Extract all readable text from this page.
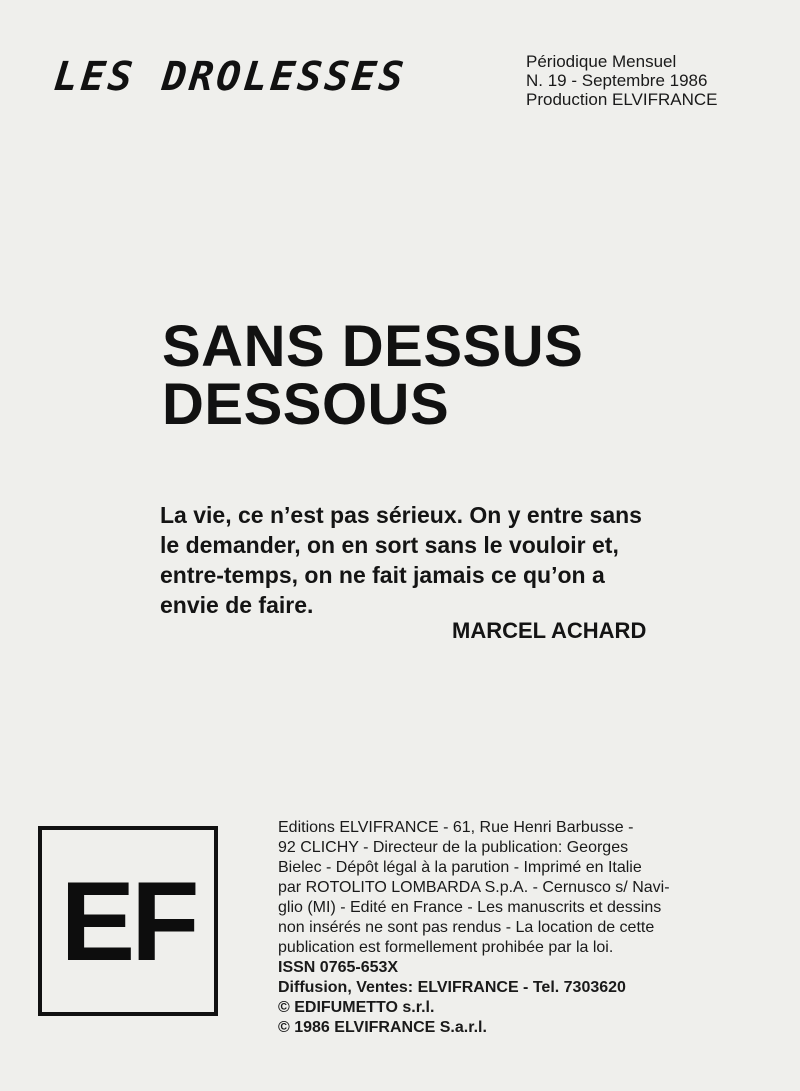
LES DROLESSES	Périodique Mensuel
N. 19 - Septembre 1986
Production ELVIFRANCE
SANS DESSUS
DESSOUS
La vie, ce n’est pas sérieux. On y entre sans
le demander, on en sort sans le vouloir et,
entre-temps, on ne fait jamais ce qu’on a
envie de faire.
MARCEL ACHARD
EF
Editions ELVIFRANCE - 61, Rue Henri Barbusse -
92 CLICHY - Directeur de la publication: Georges
Bielec - Dépôt légal à la parution - Imprimé en Italie
par ROTOLITO LOMBARDA S.p.A. - Cernusco s/ Navi-
glio (MI) - Edité en France - Les manuscrits et dessins
non insérés ne sont pas rendus - La location de cette
publication est formellement prohibée par la loi.
ISSN 0765-653X
Diffusion, Ventes: ELVIFRANCE - Tel. 7303620
© EDIFUMETTO s.r.l.
© 1986 ELVIFRANCE S.a.r.l.
